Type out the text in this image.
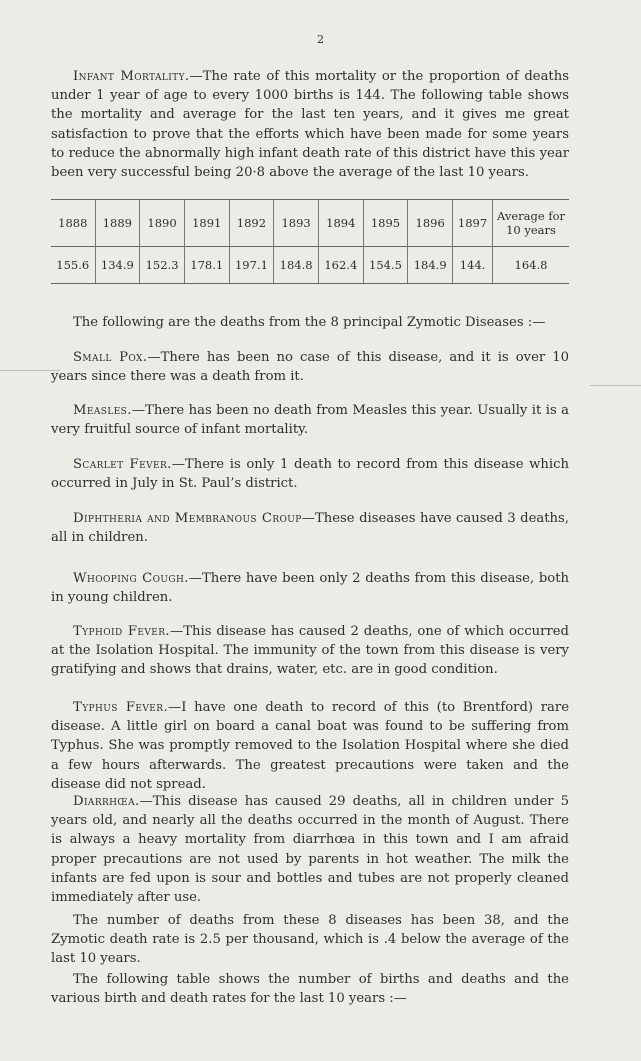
2

Infant Mortality.—The rate of this mortality or the proportion of deaths under 1 year of age to every 1000 births is 144. The following table shows the mortality and average for the last ten years, and it gives me great satisfaction to prove that the efforts which have been made for some years to reduce the abnormally high infant death rate of this district have this year been very successful being 20·8 above the average of the last 10 years.

1888	1889	1890	1891	1892	1893	1894	1895	1896	1897	Average for 10 years
155.6	134.9	152.3	178.1	197.1	184.8	162.4	154.5	184.9	144.	164.8

The following are the deaths from the 8 principal Zymotic Diseases :—

Small Pox.—There has been no case of this disease, and it is over 10 years since there was a death from it.

Measles.—There has been no death from Measles this year. Usually it is a very fruitful source of infant mortality.

Scarlet Fever.—There is only 1 death to record from this disease which occurred in July in St. Paul’s district.

Diphtheria and Membranous Croup—These diseases have caused 3 deaths, all in children.

Whooping Cough.—There have been only 2 deaths from this disease, both in young children.

Typhoid Fever.—This disease has caused 2 deaths, one of which occurred at the Isolation Hospital. The immunity of the town from this disease is very gratifying and shows that drains, water, etc. are in good condition.

Typhus Fever.—I have one death to record of this (to Brentford) rare disease. A little girl on board a canal boat was found to be suffering from Typhus. She was promptly removed to the Isolation Hospital where she died a few hours afterwards. The greatest precautions were taken and the disease did not spread.

Diarrhœa.—This disease has caused 29 deaths, all in children under 5 years old, and nearly all the deaths occurred in the month of August. There is always a heavy mortality from diarrhœa in this town and I am afraid proper precautions are not used by parents in hot weather. The milk the infants are fed upon is sour and bottles and tubes are not properly cleaned immediately after use.

The number of deaths from these 8 diseases has been 38, and the Zymotic death rate is 2.5 per thousand, which is .4 below the average of the last 10 years.

The following table shows the number of births and deaths and the various birth and death rates for the last 10 years :—
